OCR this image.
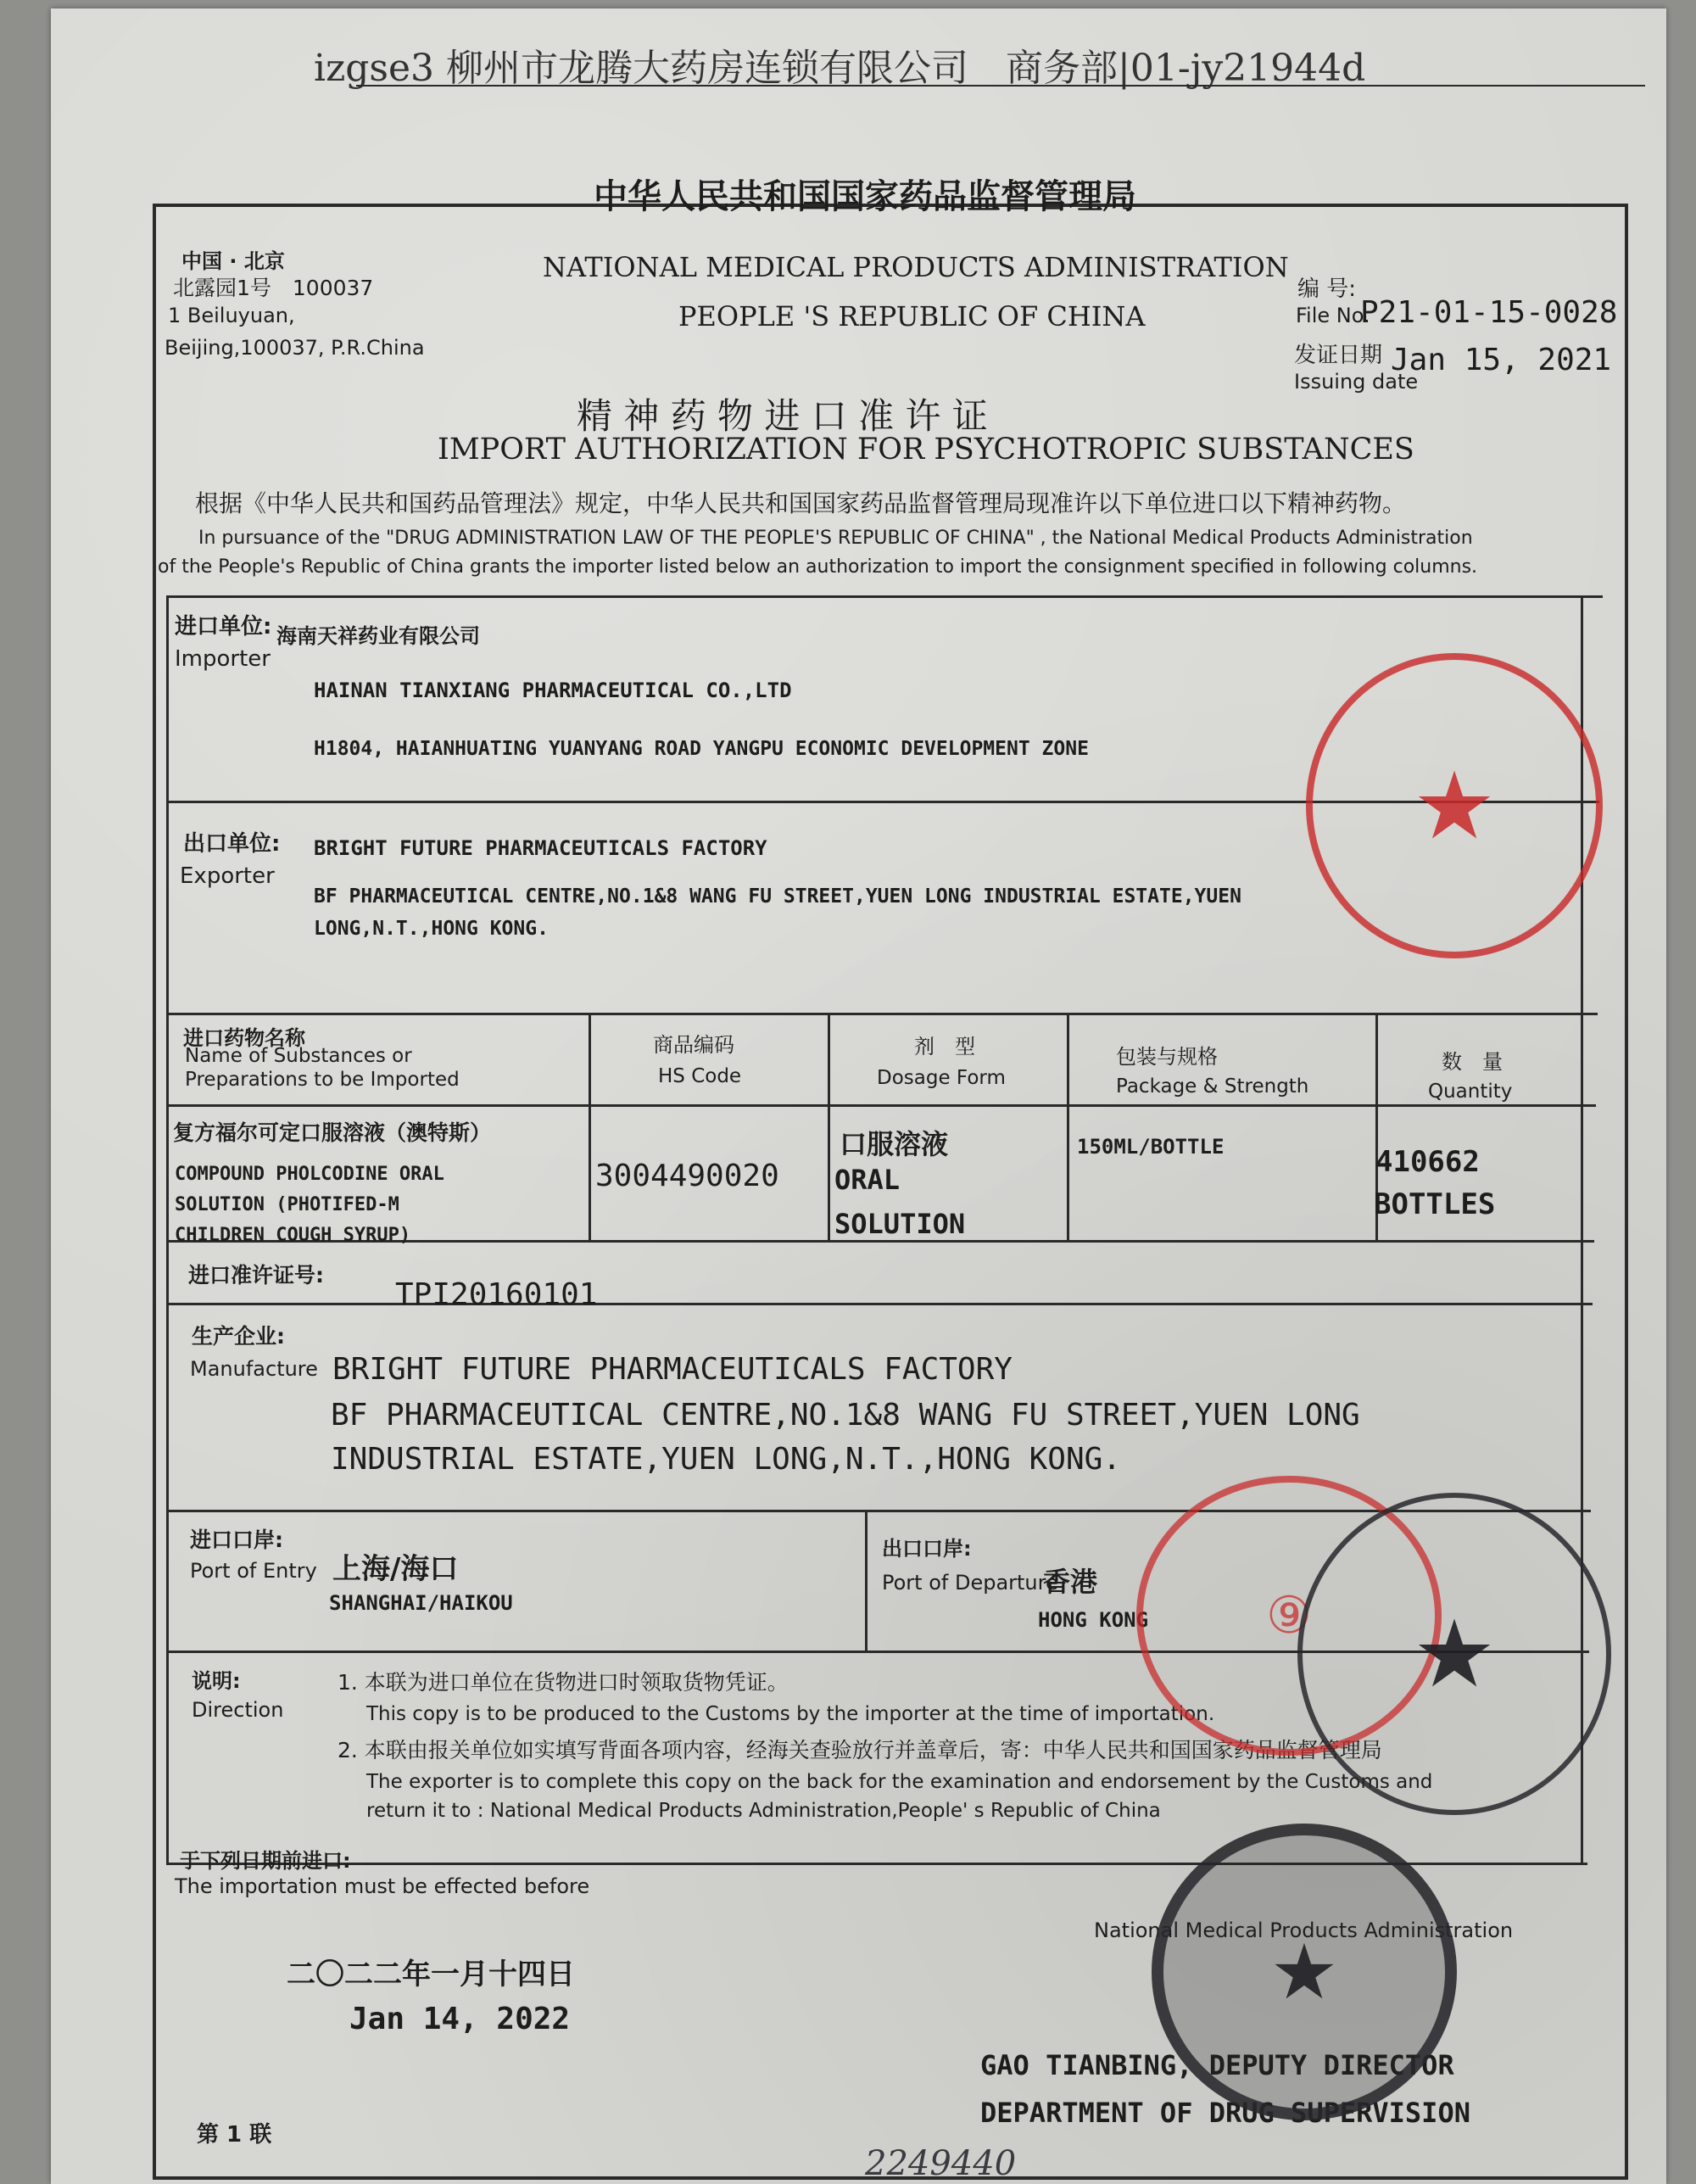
izgse3 柳州市龙腾大药房连锁有限公司　商务部|01-jy21944d
中华人民共和国国家药品监督管理局
NATIONAL MEDICAL PRODUCTS ADMINISTRATION
PEOPLE 'S REPUBLIC OF CHINA
中国 · 北京
北露园1号　100037
1 Beiluyuan,
Beijing,100037, P.R.China
编 号:
File No.
P21-01-15-0028
发证日期
Issuing date
Jan 15, 2021
精 神 药 物 进 口 准 许 证
IMPORT AUTHORIZATION FOR PSYCHOTROPIC SUBSTANCES
根据《中华人民共和国药品管理法》规定，中华人民共和国国家药品监督管理局现准许以下单位进口以下精神药物。
In pursuance of the "DRUG ADMINISTRATION LAW OF THE PEOPLE'S REPUBLIC OF CHINA" , the National Medical Products Administration
of the People's Republic of China grants the importer listed below an authorization to import the consignment specified in following columns.
进口单位:
Importer
海南天祥药业有限公司
HAINAN TIANXIANG PHARMACEUTICAL CO.,LTD
H1804, HAIANHUATING YUANYANG ROAD YANGPU ECONOMIC DEVELOPMENT ZONE
出口单位:
Exporter
BRIGHT FUTURE PHARMACEUTICALS FACTORY
BF PHARMACEUTICAL CENTRE,NO.1&8 WANG FU STREET,YUEN LONG INDUSTRIAL ESTATE,YUEN
LONG,N.T.,HONG KONG.
进口药物名称
Name of Substances or
Preparations to be Imported
商品编码
HS Code
剂　型
Dosage Form
包装与规格
Package & Strength
数　量
Quantity
复方福尔可定口服溶液（澳特斯）
COMPOUND PHOLCODINE ORAL
SOLUTION (PHOTIFED-M
CHILDREN COUGH SYRUP)
3004490020
口服溶液
ORAL
SOLUTION
150ML/BOTTLE	410662
BOTTLES
进口准许证号:
TPI20160101
生产企业:
Manufacture BRIGHT FUTURE PHARMACEUTICALS FACTORY
BF PHARMACEUTICAL CENTRE,NO.1&8 WANG FU STREET,YUEN LONG
INDUSTRIAL ESTATE,YUEN LONG,N.T.,HONG KONG.
进口口岸:
Port of Entry 上海/海口
SHANGHAI/HAIKOU
出口口岸:
Port of Departure
香港
HONG KONG
说明:
Direction
1. 本联为进口单位在货物进口时领取货物凭证。
This copy is to be produced to the Customs by the importer at the time of importation.
2. 本联由报关单位如实填写背面各项内容，经海关查验放行并盖章后，寄：中华人民共和国国家药品监督管理局
The exporter is to complete this copy on the back for the examination and endorsement by the Customs and
return it to : National Medical Products Administration,People' s Republic of China
于下列日期前进口:
The importation must be effected before
二〇二二年一月十四日
Jan 14, 2022
National Medical Products Administration
GAO TIANBING, DEPUTY DIRECTOR
DEPARTMENT OF DRUG SUPERVISION
第 1 联
2249440
★
⑨ ★
★
